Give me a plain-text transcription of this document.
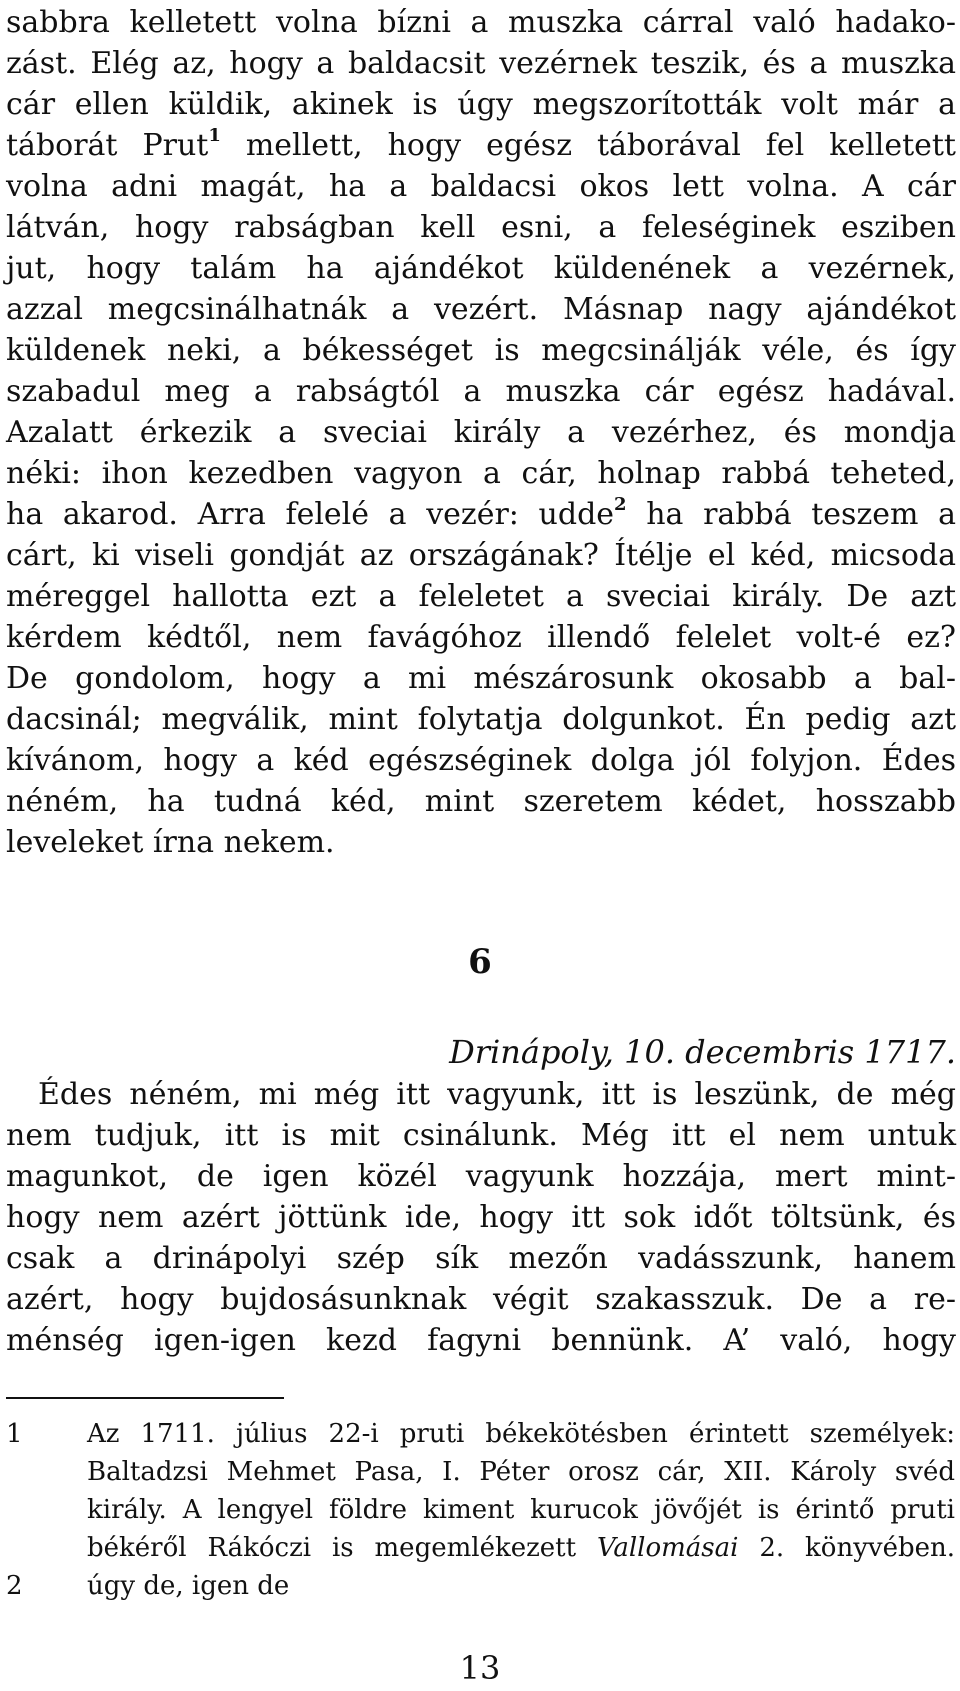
sabbra kelletett volna bízni a muszka cárral való hadako-
zást. Elég az, hogy a baldacsit vezérnek teszik, és a muszka
cár ellen küldik, akinek is úgy megszorították volt már a
táborát Prut$^1$ mellett, hogy egész táborával fel kelletett
volna adni magát, ha a baldacsi okos lett volna. A cár
látván, hogy rabságban kell esni, a feleséginek esziben
jut, hogy talám ha ajándékot küldenének a vezérnek,
azzal megcsinálhatnák a vezért. Másnap nagy ajándékot
küldenek neki, a békességet is megcsinálják véle, és így
szabadul meg a rabságtól a muszka cár egész hadával.
Azalatt érkezik a sveciai király a vezérhez, és mondja
néki: ihon kezedben vagyon a cár, holnap rabbá teheted,
ha akarod. Arra felelé a vezér: udde$^2$ ha rabbá teszem a
cárt, ki viseli gondját az országának? Ítélje el kéd, micsoda
méreggel hallotta ezt a feleletet a sveciai király. De azt
kérdem kédtől, nem favágóhoz illendő felelet volt-é ez?
De gondolom, hogy a mi mészárosunk okosabb a bal-
dacsinál; megválik, mint folytatja dolgunkot. Én pedig azt
kívánom, hogy a kéd egészséginek dolga jól folyjon. Édes
néném, ha tudná kéd, mint szeretem kédet, hosszabb
leveleket írna nekem.
6
Drinápoly, 10. decembris 1717.
Édes néném, mi még itt vagyunk, itt is leszünk, de még
nem tudjuk, itt is mit csinálunk. Még itt el nem untuk
magunkot, de igen közél vagyunk hozzája, mert mint-
hogy nem azért jöttünk ide, hogy itt sok időt töltsünk, és
csak a drinápolyi szép sík mezőn vadásszunk, hanem
azért, hogy bujdosásunknak végit szakasszuk. De a re-
ménség igen-igen kezd fagyni bennünk. A’ való, hogy
1 Az 1711. július 22-i pruti békekötésben érintett személyek:
Baltadzsi Mehmet Pasa, I. Péter orosz cár, XII. Károly svéd
király. A lengyel földre kiment kurucok jövőjét is érintő pruti
békéről Rákóczi is megemlékezett Vallomásai 2. könyvében.
2 úgy de, igen de
13
